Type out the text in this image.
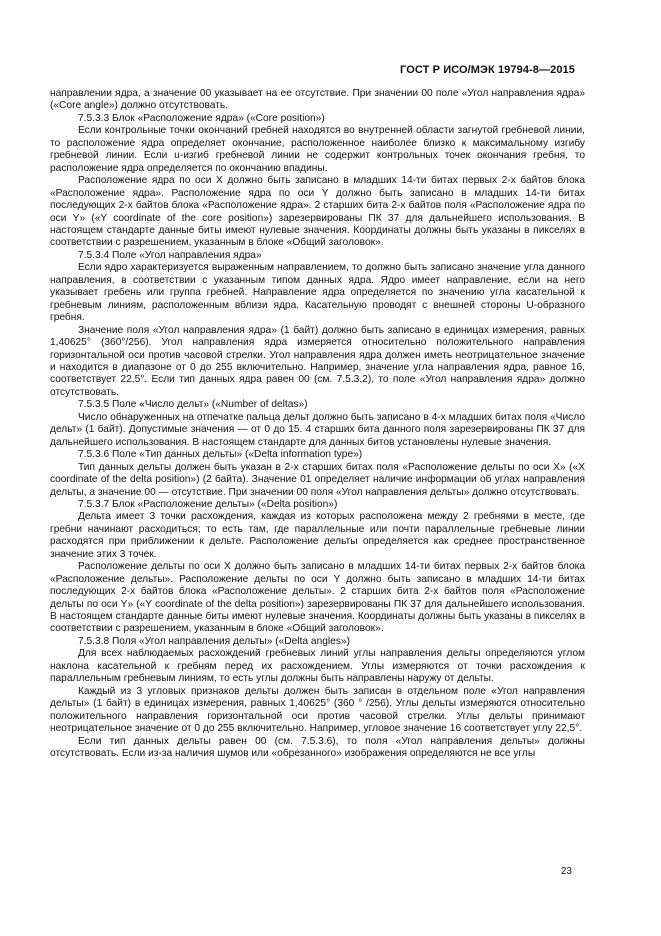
ГОСТ Р ИСО/МЭК 19794-8—2015

направлении ядра, а значение 00 указывает на ее отсутствие. При значении 00 поле «Угол направления ядра» («Core angle») должно отсутствовать.

7.5.3.3 Блок «Расположение ядра» («Core position»)

Если контрольные точки окончаний гребней находятся во внутренней области загнутой гребневой линии, то расположение ядра определяет окончание, расположенное наиболее близко к максимальному изгибу гребневой линии. Если u-изгиб гребневой линии не содержит контрольных точек окончания гребня, то расположение ядра определяется по окончанию впадины.

Расположение ядра по оси X должно быть записано в младших 14-ти битах первых 2-х байтов блока «Расположение ядра». Расположение ядра по оси Y должно быть записано в младших 14-ти битах последующих 2-х байтов блока «Расположение ядра». 2 старших бита 2-х байтов поля «Расположение ядра по оси Y» («Y coordinate of the core position») зарезервированы ПК 37 для дальнейшего использования. В настоящем стандарте данные биты имеют нулевые значения. Координаты должны быть указаны в пикселях в соответствии с разрешением, указанным в блоке «Общий заголовок».

7.5.3.4 Поле «Угол направления ядра»

Если ядро характеризуется выраженным направлением, то должно быть записано значение угла данного направления, в соответствии с указанным типом данных ядра. Ядро имеет направление, если на него указывает гребень или группа гребней. Направление ядра определяется по значению угла касательной к гребневым линиям, расположенным вблизи ядра. Касательную проводят с внешней стороны U-образного гребня.

Значение поля «Угол направления ядра» (1 байт) должно быть записано в единицах измерения, равных 1,40625° (360°/256). Угол направления ядра измеряется относительно положительного направления горизонтальной оси против часовой стрелки. Угол направления ядра должен иметь неотрицательное значение и находится в диапазоне от 0 до 255 включительно. Например, значение угла направления ядра, равное 16, соответствует 22,5°. Если тип данных ядра равен 00 (см. 7.5.3.2), то поле «Угол направления ядра» должно отсутствовать.

7.5.3.5 Поле «Число дельт» («Number of deltas»)

Число обнаруженных на отпечатке пальца дельт должно быть записано в 4-х младших битах поля «Число дельт» (1 байт). Допустимые значения — от 0 до 15. 4 старших бита данного поля зарезервированы ПК 37 для дальнейшего использования. В настоящем стандарте для данных битов установлены нулевые значения.

7.5.3.6 Поле «Тип данных дельты» («Delta information type»)

Тип данных дельты должен быть указан в 2-х старших битах поля «Расположение дельты по оси X» («X coordinate of the delta position») (2 байта). Значение 01 определяет наличие информации об углах направления дельты, а значение 00 — отсутствие. При значении 00 поля «Угол направления дельты» должно отсутствовать.

7.5.3.7 Блок «Расположение дельты» («Delta position»)

Дельта имеет 3 точки расхождения, каждая из которых расположена между 2 гребнями в месте, где гребни начинают расходиться; то есть там, где параллельные или почти параллельные гребневые линии расходятся при приближении к дельте. Расположение дельты определяется как среднее пространственное значение этих 3 точек.

Расположение дельты по оси X должно быть записано в младших 14-ти битах первых 2-х байтов блока «Расположение дельты». Расположение дельты по оси Y должно быть записано в младших 14-ти битах последующих 2-х байтов блока «Расположение дельты». 2 старших бита 2-х байтов поля «Расположение дельты по оси Y» («Y coordinate of the delta position») зарезервированы ПК 37 для дальнейшего использования. В настоящем стандарте данные биты имеют нулевые значения. Координаты должны быть указаны в пикселях в соответствии с разрешением, указанным в блоке «Общий заголовок».

7.5.3.8 Поля «Угол направления дельты» («Delta angles»)

Для всех наблюдаемых расхождений гребневых линий углы направления дельты определяются углом наклона касательной к гребням перед их расхождением. Углы измеряются от точки расхождения к параллельным гребневым линиям, то есть углы должны быть направлены наружу от дельты.

Каждый из 3 угловых признаков дельты должен быть записан в отдельном поле «Угол направления дельты» (1 байт) в единицах измерения, равных 1,40625° (360 ° /256). Углы дельты измеряются относительно положительного направления горизонтальной оси против часовой стрелки. Углы дельты принимают неотрицательное значение от 0 до 255 включительно. Например, угловое значение 16 соответствует углу 22,5°.

Если тип данных дельты равен 00 (см. 7.5.3.6), то поля «Угол направления дельты» должны отсутствовать. Если из-за наличия шумов или «обрезанного» изображения определяются не все углы

23
